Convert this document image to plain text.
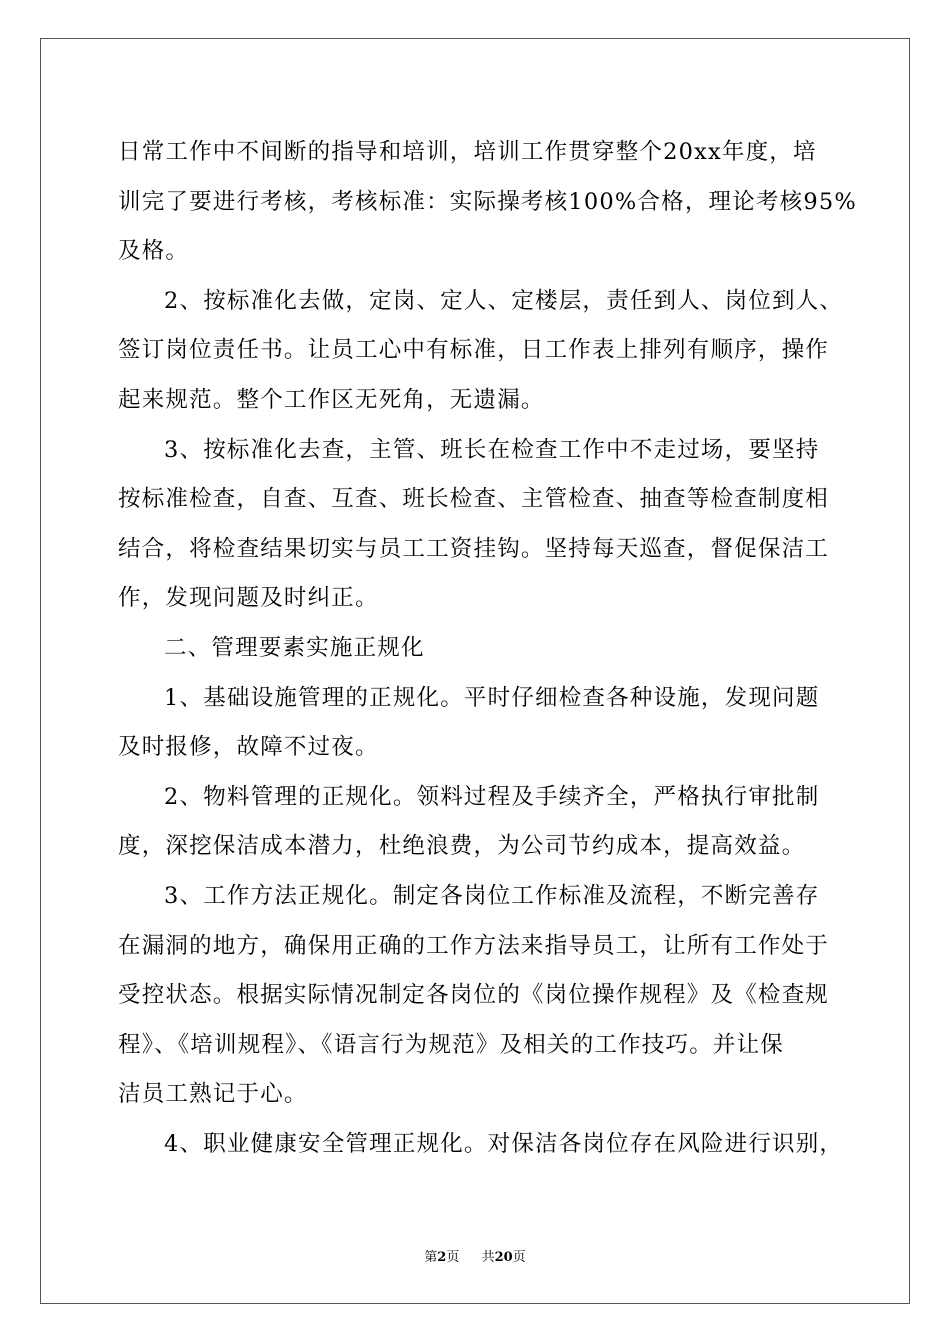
日常工作中不间断的指导和培训，培训工作贯穿整个20xx年度，培
训完了要进行考核，考核标准：实际操考核100%合格，理论考核95%
及格。
2、按标准化去做，定岗、定人、定楼层，责任到人、岗位到人、
签订岗位责任书。让员工心中有标准，日工作表上排列有顺序，操作
起来规范。整个工作区无死角，无遗漏。
3、按标准化去查，主管、班长在检查工作中不走过场，要坚持
按标准检查，自查、互查、班长检查、主管检查、抽查等检查制度相
结合，将检查结果切实与员工工资挂钩。坚持每天巡查，督促保洁工
作，发现问题及时纠正。
二、管理要素实施正规化
1、基础设施管理的正规化。平时仔细检查各种设施，发现问题
及时报修，故障不过夜。
2、物料管理的正规化。领料过程及手续齐全，严格执行审批制
度，深挖保洁成本潜力，杜绝浪费，为公司节约成本，提高效益。
3、工作方法正规化。制定各岗位工作标准及流程，不断完善存
在漏洞的地方，确保用正确的工作方法来指导员工，让所有工作处于
受控状态。根据实际情况制定各岗位的《岗位操作规程》及《检查规
程》、《培训规程》、《语言行为规范》及相关的工作技巧。并让保
洁员工熟记于心。
4、职业健康安全管理正规化。对保洁各岗位存在风险进行识别，
第2页 共20页
